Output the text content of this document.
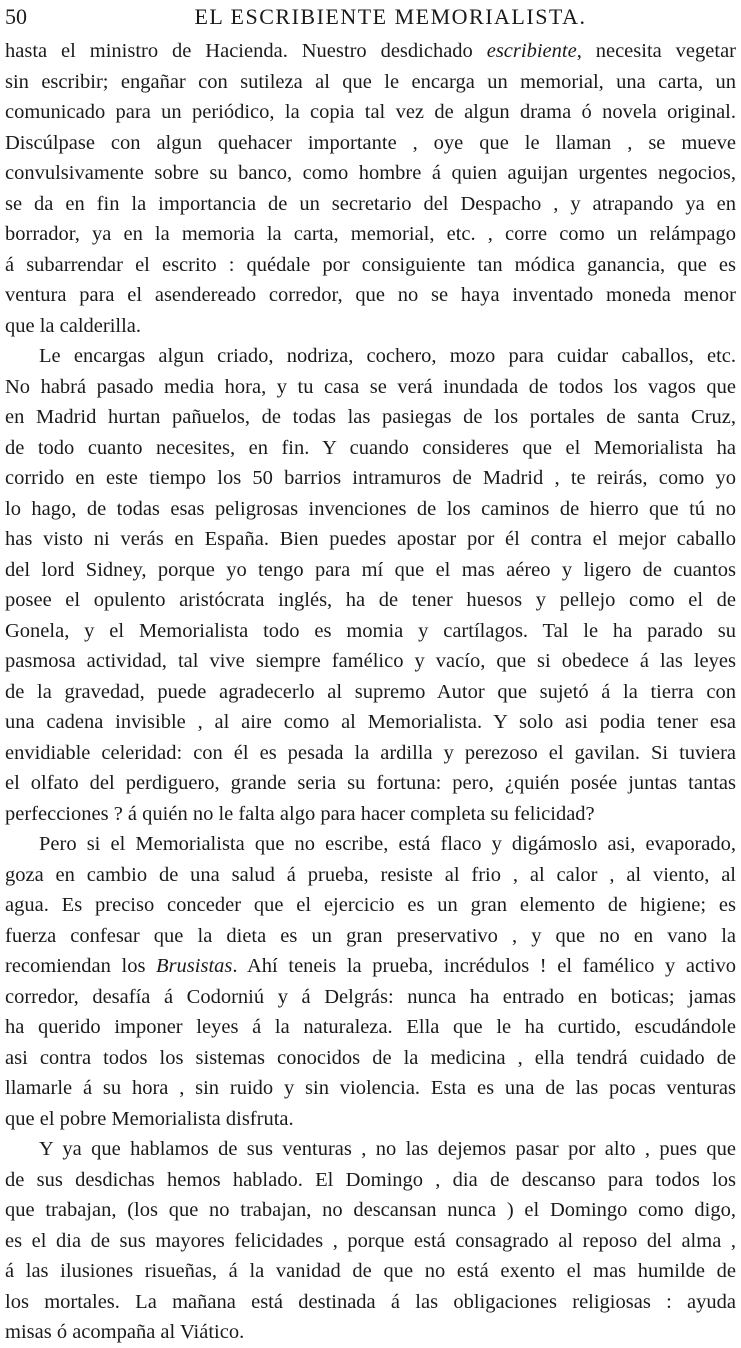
50	EL ESCRIBIENTE MEMORIALISTA.
hasta el ministro de Hacienda. Nuestro desdichado escribiente, necesita vegetar
sin escribir; engañar con sutileza al que le encarga un memorial, una carta, un
comunicado para un periódico, la copia tal vez de algun drama ó novela original.
Discúlpase con algun quehacer importante , oye que le llaman , se mueve
convulsivamente sobre su banco, como hombre á quien aguijan urgentes negocios,
se da en fin la importancia de un secretario del Despacho , y atrapando ya en
borrador, ya en la memoria la carta, memorial, etc. , corre como un relámpago
á subarrendar el escrito : quédale por consiguiente tan módica ganancia, que es
ventura para el asendereado corredor, que no se haya inventado moneda menor
que la calderilla.
Le encargas algun criado, nodriza, cochero, mozo para cuidar caballos, etc.
No habrá pasado media hora, y tu casa se verá inundada de todos los vagos que
en Madrid hurtan pañuelos, de todas las pasiegas de los portales de santa Cruz,
de todo cuanto necesites, en fin. Y cuando consideres que el Memorialista ha
corrido en este tiempo los 50 barrios intramuros de Madrid , te reirás, como yo
lo hago, de todas esas peligrosas invenciones de los caminos de hierro que tú no
has visto ni verás en España. Bien puedes apostar por él contra el mejor caballo
del lord Sidney, porque yo tengo para mí que el mas aéreo y ligero de cuantos
posee el opulento aristócrata inglés, ha de tener huesos y pellejo como el de
Gonela, y el Memorialista todo es momia y cartílagos. Tal le ha parado su
pasmosa actividad, tal vive siempre famélico y vacío, que si obedece á las leyes
de la gravedad, puede agradecerlo al supremo Autor que sujetó á la tierra con
una cadena invisible , al aire como al Memorialista. Y solo asi podia tener esa
envidiable celeridad: con él es pesada la ardilla y perezoso el gavilan. Si tuviera
el olfato del perdiguero, grande seria su fortuna: pero, ¿quién posée juntas tantas
perfecciones ? á quién no le falta algo para hacer completa su felicidad?
Pero si el Memorialista que no escribe, está flaco y digámoslo asi, evaporado,
goza en cambio de una salud á prueba, resiste al frio , al calor , al viento, al
agua. Es preciso conceder que el ejercicio es un gran elemento de higiene; es
fuerza confesar que la dieta es un gran preservativo , y que no en vano la
recomiendan los Brusistas. Ahí teneis la prueba, incrédulos ! el famélico y activo
corredor, desafía á Codorniú y á Delgrás: nunca ha entrado en boticas; jamas
ha querido imponer leyes á la naturaleza. Ella que le ha curtido, escudándole
asi contra todos los sistemas conocidos de la medicina , ella tendrá cuidado de
llamarle á su hora , sin ruido y sin violencia. Esta es una de las pocas venturas
que el pobre Memorialista disfruta.
Y ya que hablamos de sus venturas , no las dejemos pasar por alto , pues que
de sus desdichas hemos hablado. El Domingo , dia de descanso para todos los
que trabajan, (los que no trabajan, no descansan nunca ) el Domingo como digo,
es el dia de sus mayores felicidades , porque está consagrado al reposo del alma ,
á las ilusiones risueñas, á la vanidad de que no está exento el mas humilde de
los mortales. La mañana está destinada á las obligaciones religiosas : ayuda
misas ó acompaña al Viático.
